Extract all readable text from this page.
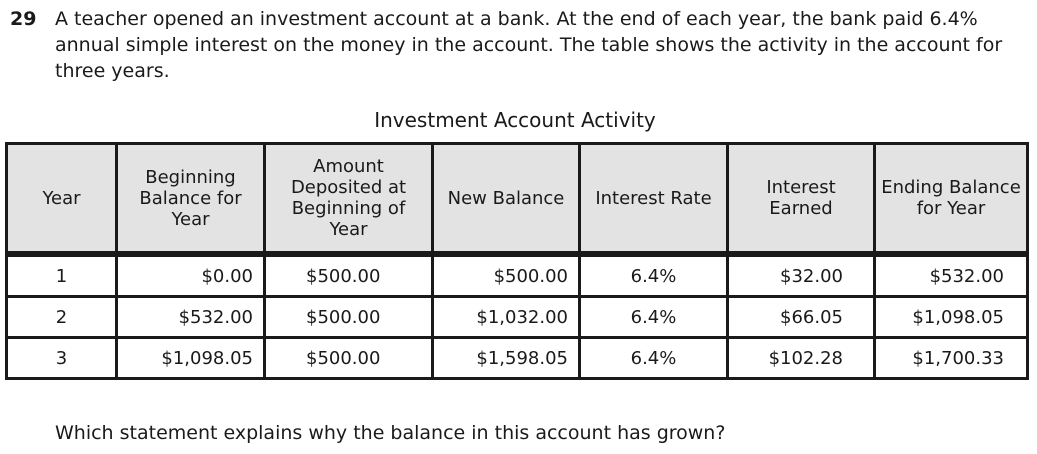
29 A teacher opened an investment account at a bank. At the end of each year, the bank paid 6.4% annual simple interest on the money in the account. The table shows the activity in the account for three years.
Investment Account Activity
Year	Beginning Balance for Year	Amount Deposited at Beginning of Year	New Balance	Interest Rate	Interest Earned	Ending Balance for Year
1	$0.00	$500.00	$500.00	6.4%	$32.00	$532.00
2	$532.00	$500.00	$1,032.00	6.4%	$66.05	$1,098.05
3	$1,098.05	$500.00	$1,598.05	6.4%	$102.28	$1,700.33
Which statement explains why the balance in this account has grown?
